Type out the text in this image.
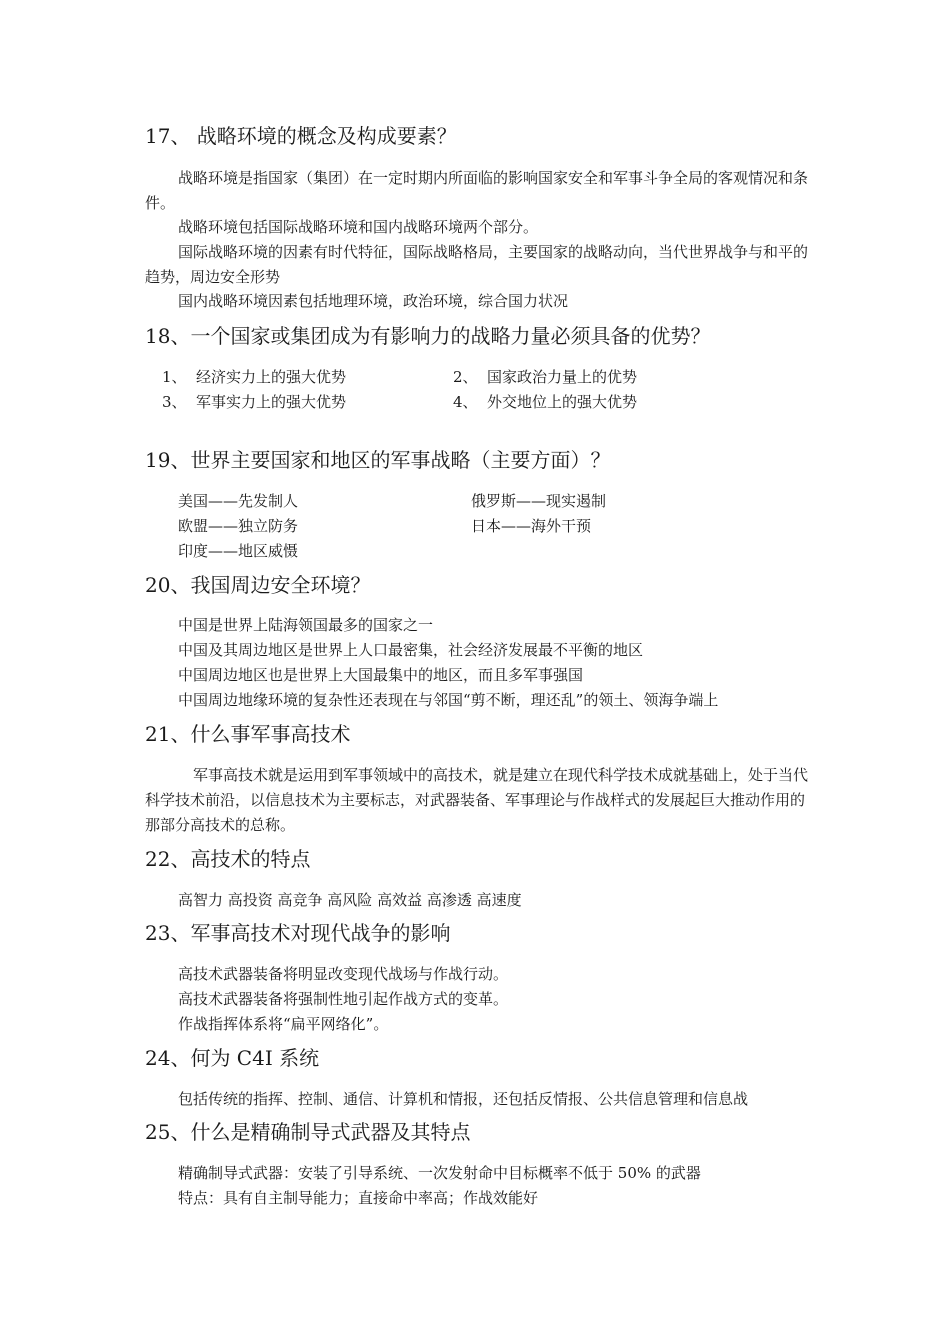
17、 战略环境的概念及构成要素？
战略环境是指国家（集团）在一定时期内所面临的影响国家安全和军事斗争全局的客观情况和条件。
战略环境包括国际战略环境和国内战略环境两个部分。
国际战略环境的因素有时代特征，国际战略格局，主要国家的战略动向，当代世界战争与和平的趋势，周边安全形势
国内战略环境因素包括地理环境，政治环境，综合国力状况
18、一个国家或集团成为有影响力的战略力量必须具备的优势？
1、 经济实力上的强大优势	2、 国家政治力量上的优势
3、 军事实力上的强大优势	4、 外交地位上的强大优势
19、世界主要国家和地区的军事战略（主要方面）？
美国——先发制人	俄罗斯——现实遏制
欧盟——独立防务	日本——海外干预
印度——地区威慑
20、我国周边安全环境？
中国是世界上陆海领国最多的国家之一
中国及其周边地区是世界上人口最密集，社会经济发展最不平衡的地区
中国周边地区也是世界上大国最集中的地区，而且多军事强国
中国周边地缘环境的复杂性还表现在与邻国“剪不断，理还乱”的领土、领海争端上
21、什么事军事高技术
军事高技术就是运用到军事领域中的高技术，就是建立在现代科学技术成就基础上，处于当代科学技术前沿，以信息技术为主要标志，对武器装备、军事理论与作战样式的发展起巨大推动作用的那部分高技术的总称。
22、高技术的特点
高智力 高投资 高竞争 高风险 高效益 高渗透 高速度
23、军事高技术对现代战争的影响
高技术武器装备将明显改变现代战场与作战行动。
高技术武器装备将强制性地引起作战方式的变革。
作战指挥体系将“扁平网络化”。
24、何为 C4I 系统
包括传统的指挥、控制、通信、计算机和情报，还包括反情报、公共信息管理和信息战
25、什么是精确制导式武器及其特点
精确制导式武器：安装了引导系统、一次发射命中目标概率不低于 50% 的武器
特点：具有自主制导能力；直接命中率高；作战效能好
